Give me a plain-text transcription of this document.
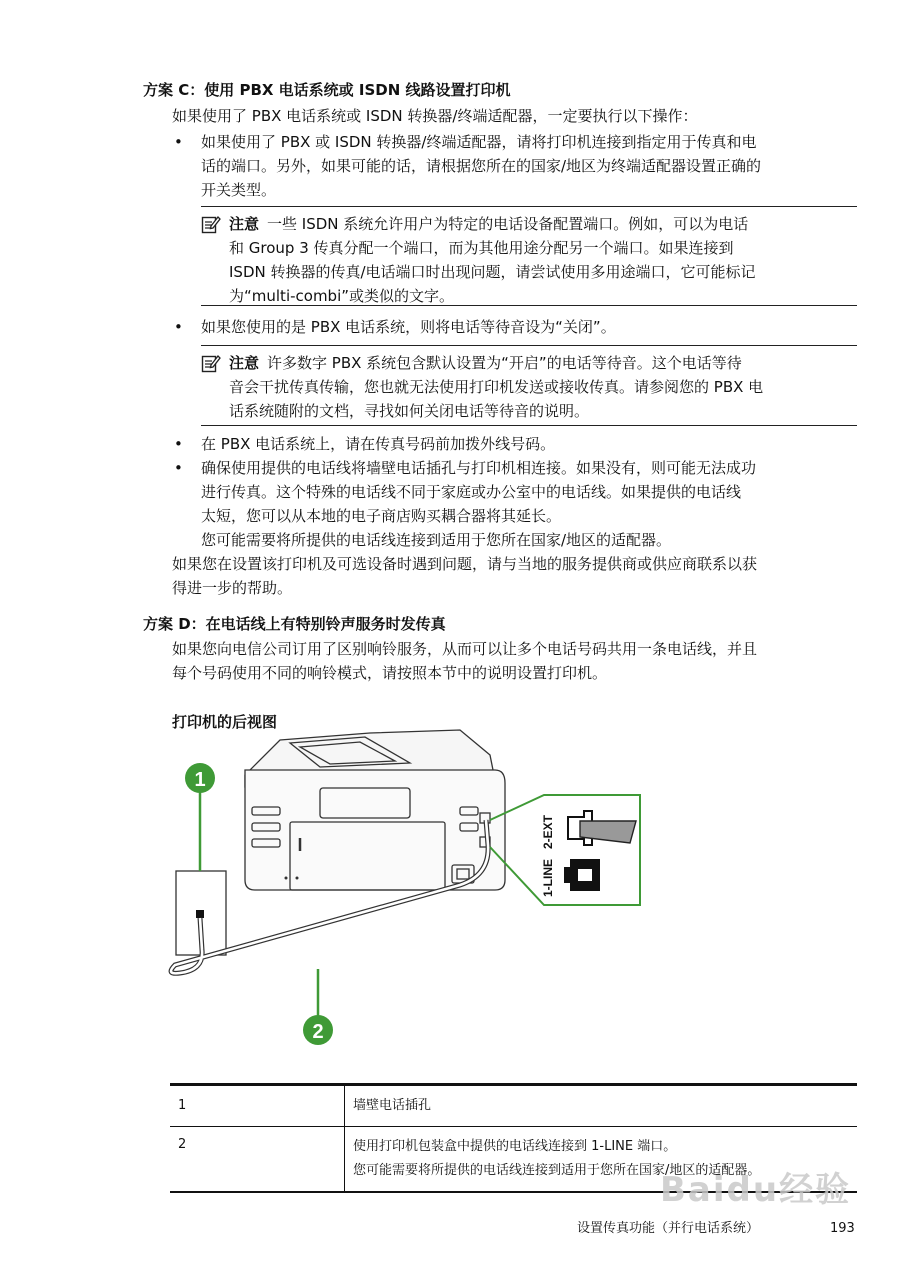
方案 C：使用 PBX 电话系统或 ISDN 线路设置打印机
如果使用了 PBX 电话系统或 ISDN 转换器/终端适配器，一定要执行以下操作：
• 如果使用了 PBX 或 ISDN 转换器/终端适配器，请将打印机连接到指定用于传真和电
话的端口。另外，如果可能的话，请根据您所在的国家/地区为终端适配器设置正确的
开关类型。
注意 一些 ISDN 系统允许用户为特定的电话设备配置端口。例如，可以为电话
和 Group 3 传真分配一个端口，而为其他用途分配另一个端口。如果连接到
ISDN 转换器的传真/电话端口时出现问题，请尝试使用多用途端口，它可能标记
为“multi-combi”或类似的文字。
• 如果您使用的是 PBX 电话系统，则将电话等待音设为“关闭”。
注意 许多数字 PBX 系统包含默认设置为“开启”的电话等待音。这个电话等待
音会干扰传真传输，您也就无法使用打印机发送或接收传真。请参阅您的 PBX 电
话系统随附的文档，寻找如何关闭电话等待音的说明。
• 在 PBX 电话系统上，请在传真号码前加拨外线号码。
• 确保使用提供的电话线将墙壁电话插孔与打印机相连接。如果没有，则可能无法成功
进行传真。这个特殊的电话线不同于家庭或办公室中的电话线。如果提供的电话线
太短，您可以从本地的电子商店购买耦合器将其延长。
您可能需要将所提供的电话线连接到适用于您所在国家/地区的适配器。
如果您在设置该打印机及可选设备时遇到问题，请与当地的服务提供商或供应商联系以获
得进一步的帮助。
方案 D：在电话线上有特别铃声服务时发传真
如果您向电信公司订用了区别响铃服务，从而可以让多个电话号码共用一条电话线，并且
每个号码使用不同的响铃模式，请按照本节中的说明设置打印机。
打印机的后视图
1
2
1-LINE
2-EXT
1	墙壁电话插孔
2	使用打印机包装盒中提供的电话线连接到 1-LINE 端口。
您可能需要将所提供的电话线连接到适用于您所在国家/地区的适配器。
Baidu经验
设置传真功能（并行电话系统）	193
